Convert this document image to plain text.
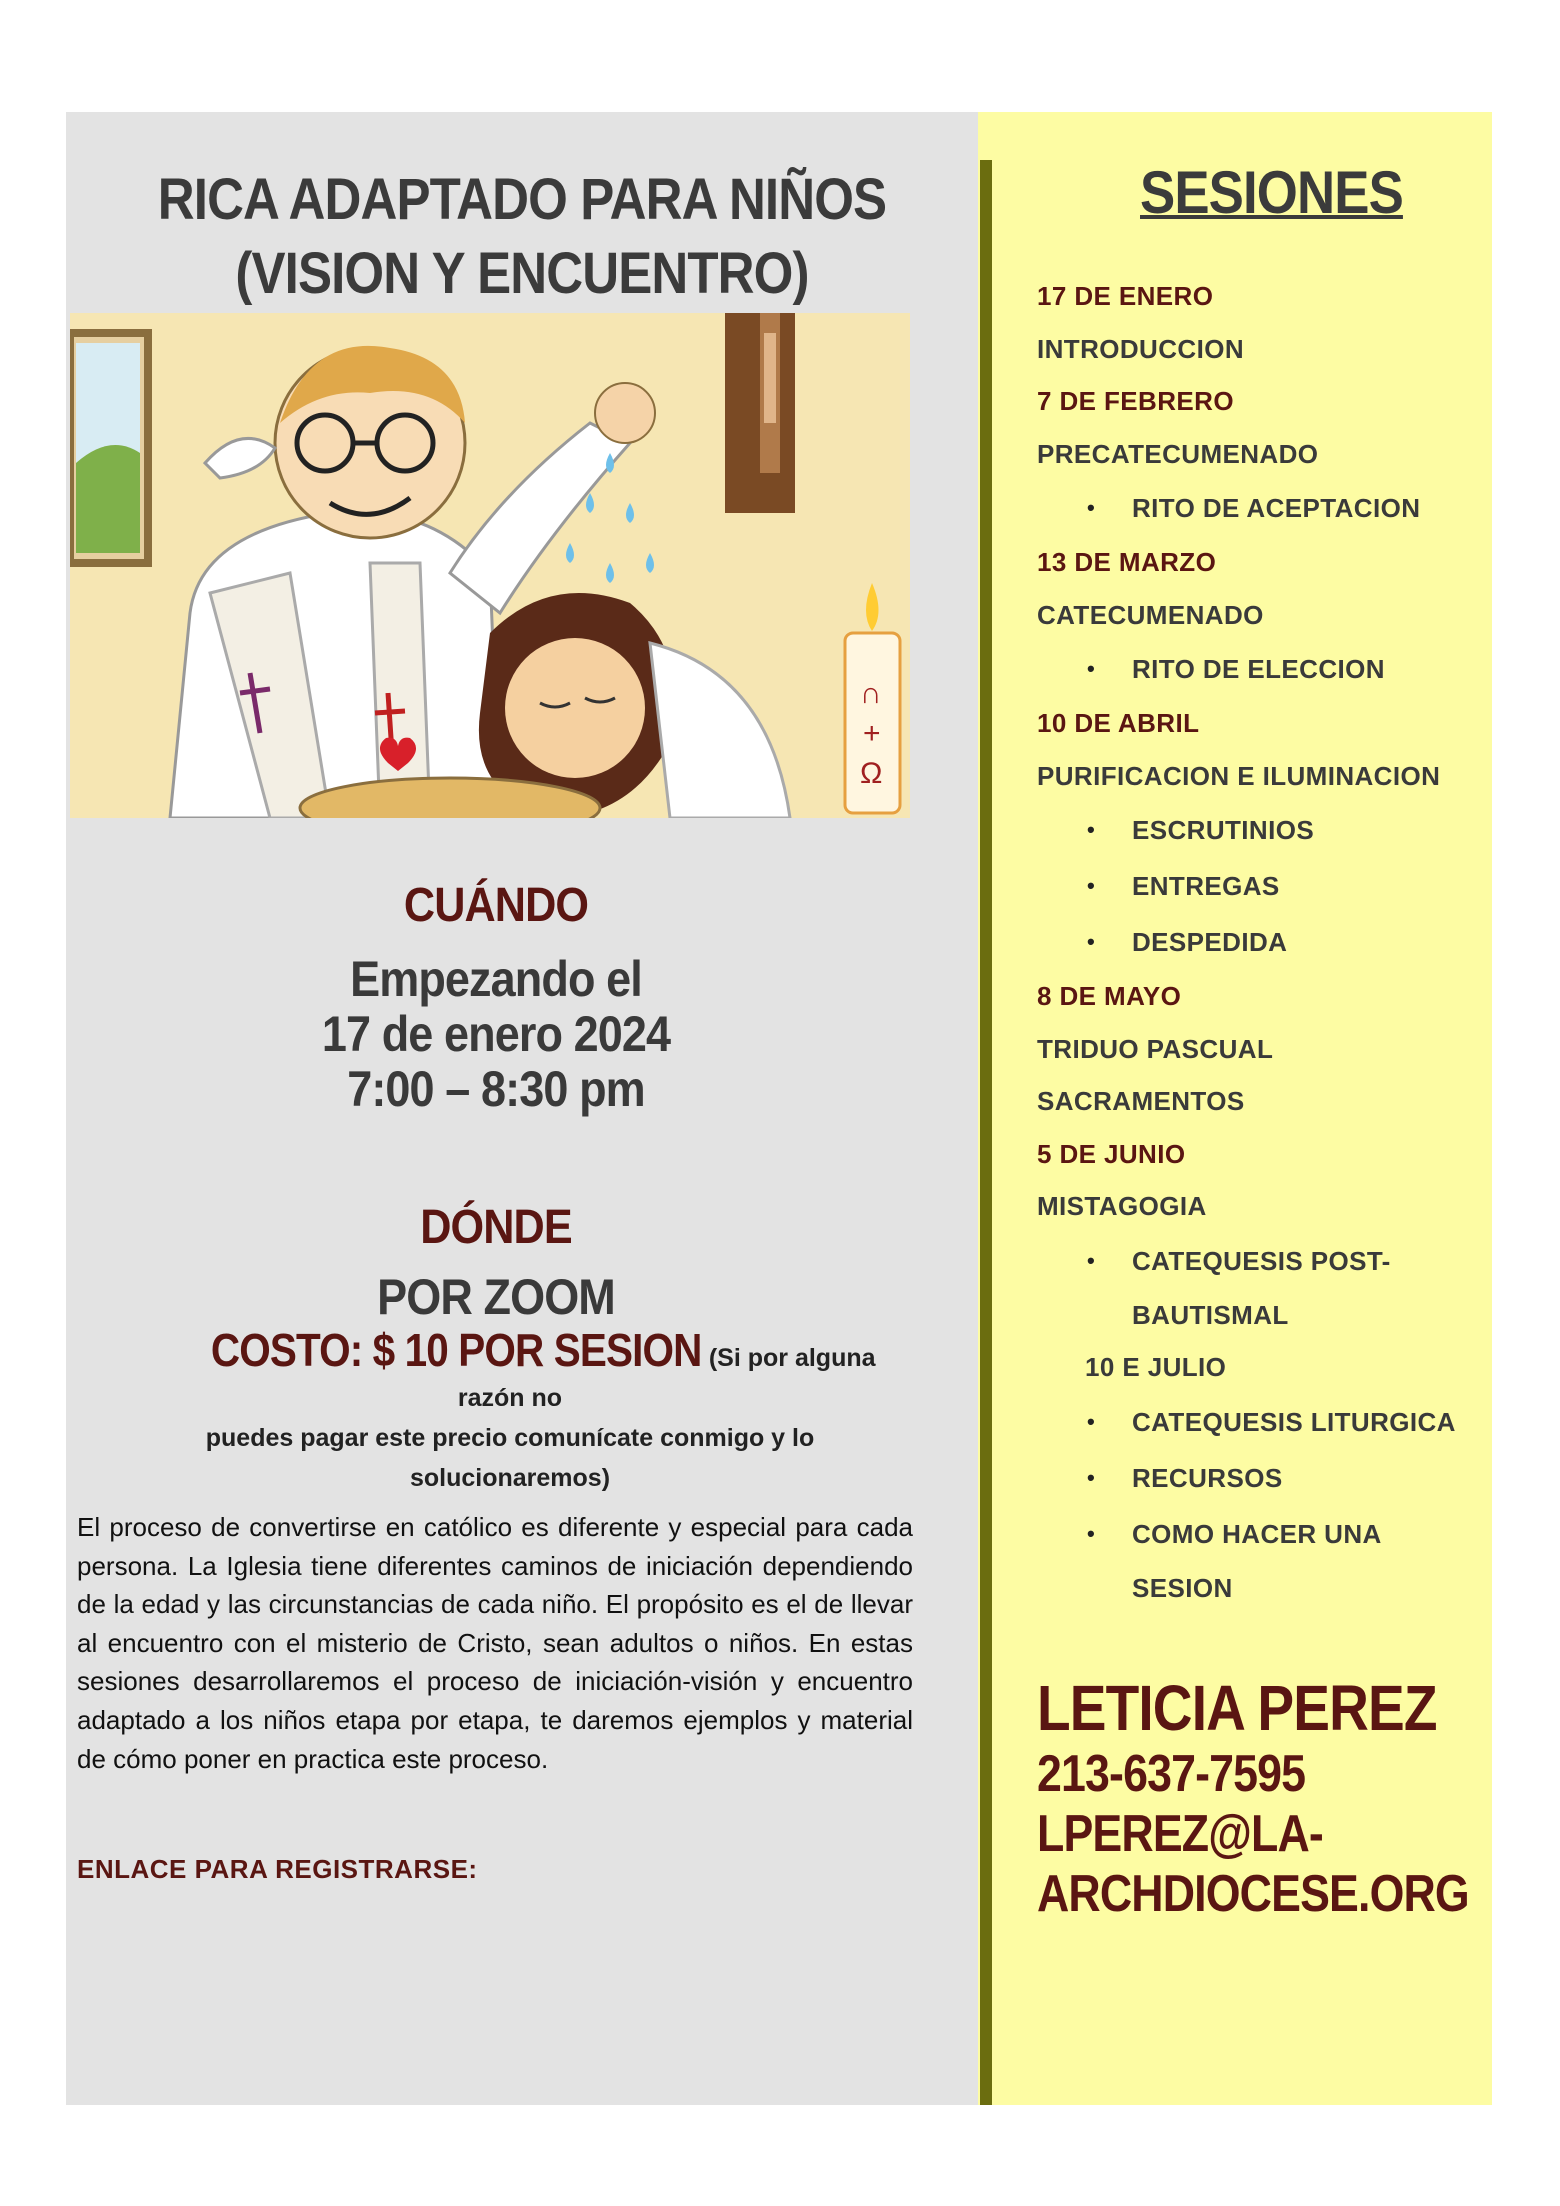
RICA ADAPTADO PARA NIÑOS
(VISION Y ENCUENTRO)
∩
+
Ω
CUÁNDO
Empezando el
17 de enero 2024
7:00 – 8:30 pm
DÓNDE
POR ZOOM
COSTO: $ 10 POR SESION (Si por alguna razón no
puedes pagar este precio comunícate conmigo y lo
solucionaremos)

El proceso de convertirse en católico es diferente y especial para cada persona. La Iglesia tiene diferentes caminos de iniciación dependiendo de la edad y las circunstancias de cada niño. El propósito es el de llevar al encuentro con el misterio de Cristo, sean adultos o niños. En estas sesiones desarrollaremos el proceso de iniciación-visión y encuentro adaptado a los niños etapa por etapa, te daremos ejemplos y material de cómo poner en practica este proceso.

ENLACE PARA REGISTRARSE:
SESIONES
17 DE ENERO
INTRODUCCION
7 DE FEBRERO
PRECATECUMENADO
• RITO DE ACEPTACION
13 DE MARZO
CATECUMENADO
• RITO DE ELECCION
10 DE ABRIL
PURIFICACION E ILUMINACION
• ESCRUTINIOS
• ENTREGAS
• DESPEDIDA
8 DE MAYO
TRIDUO PASCUAL
SACRAMENTOS
5 DE JUNIO
MISTAGOGIA
• CATEQUESIS POST-
BAUTISMAL
10 E JULIO
• CATEQUESIS LITURGICA
• RECURSOS
• COMO HACER UNA
SESION
LETICIA PEREZ
213-637-7595
LPEREZ@LA-
ARCHDIOCESE.ORG
